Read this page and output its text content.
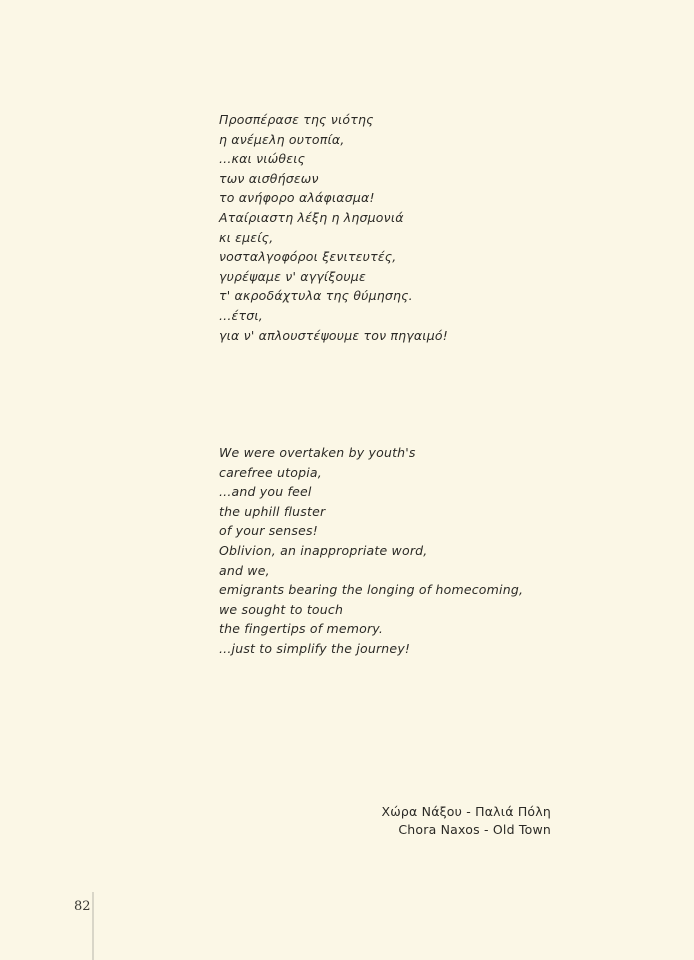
Προσπέρασε της νιότης
η ανέμελη ουτοπία,
...και νιώθεις
των αισθήσεων
το ανήφορο αλάφιασμα!
Αταίριαστη λέξη η λησμονιά
κι εμείς,
νοσταλγοφόροι ξενιτευτές,
γυρέψαμε ν' αγγίξουμε
τ' ακροδάχτυλα της θύμησης.
...έτσι,
για ν' απλουστέψουμε τον πηγαιμό!
We were overtaken by youth's
carefree utopia,
...and you feel
the uphill fluster
of your senses!
Oblivion, an inappropriate word,
and we,
emigrants bearing the longing of homecoming,
we sought to touch
the fingertips of memory.
...just to simplify the journey!
Χώρα Νάξου - Παλιά Πόλη
Chora Naxos - Old Town
82
